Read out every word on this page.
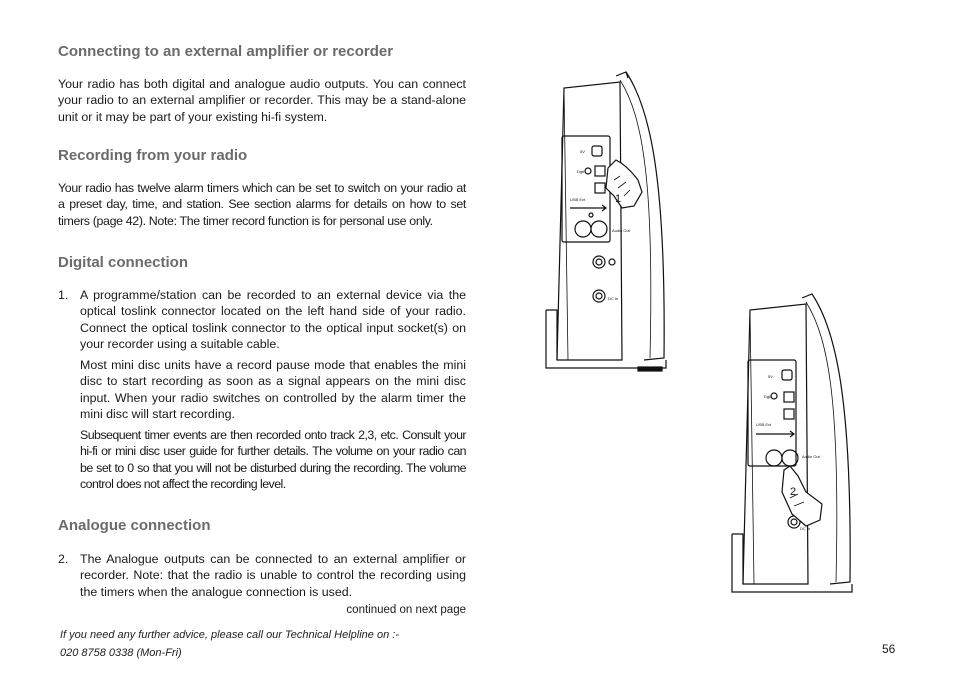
Connecting to an external amplifier or recorder
Your radio has both digital and analogue audio outputs. You can connect your radio to an external amplifier or recorder. This may be a stand-alone unit or it may be part of your existing hi-fi system.
Recording from your radio
Your radio has twelve alarm timers which can be set to switch on your radio at a preset day, time, and station. See section alarms for details on how to set timers (page 42). Note: The timer record function is for personal use only.
Digital connection
1. A programme/station can be recorded to an external device via the optical toslink connector located on the left hand side of your radio. Connect the optical toslink connector to the optical input socket(s) on your recorder using a suitable cable.
Most mini disc units have a record pause mode that enables the mini disc to start recording as soon as a signal appears on the mini disc input. When your radio switches on controlled by the alarm timer the mini disc will start recording.
Subsequent timer events are then recorded onto track 2,3, etc. Consult your hi-fi or mini disc user guide for further details. The volume on your radio can be set to 0 so that you will not be disturbed during the recording. The volume control does not affect the recording level.
Analogue connection
2. The Analogue outputs can be connected to an external amplifier or recorder. Note: that the radio is unable to control the recording using the timers when the analogue connection is used.
continued on next page
If you need any further advice, please call our Technical Helpline on :-
020 8758 0338 (Mon-Fri)	56
5V
Dgtl
USB Ext
Audio Out
DC In
1
5V
Dgtl
USB Ext
Audio Out
DC In
2
